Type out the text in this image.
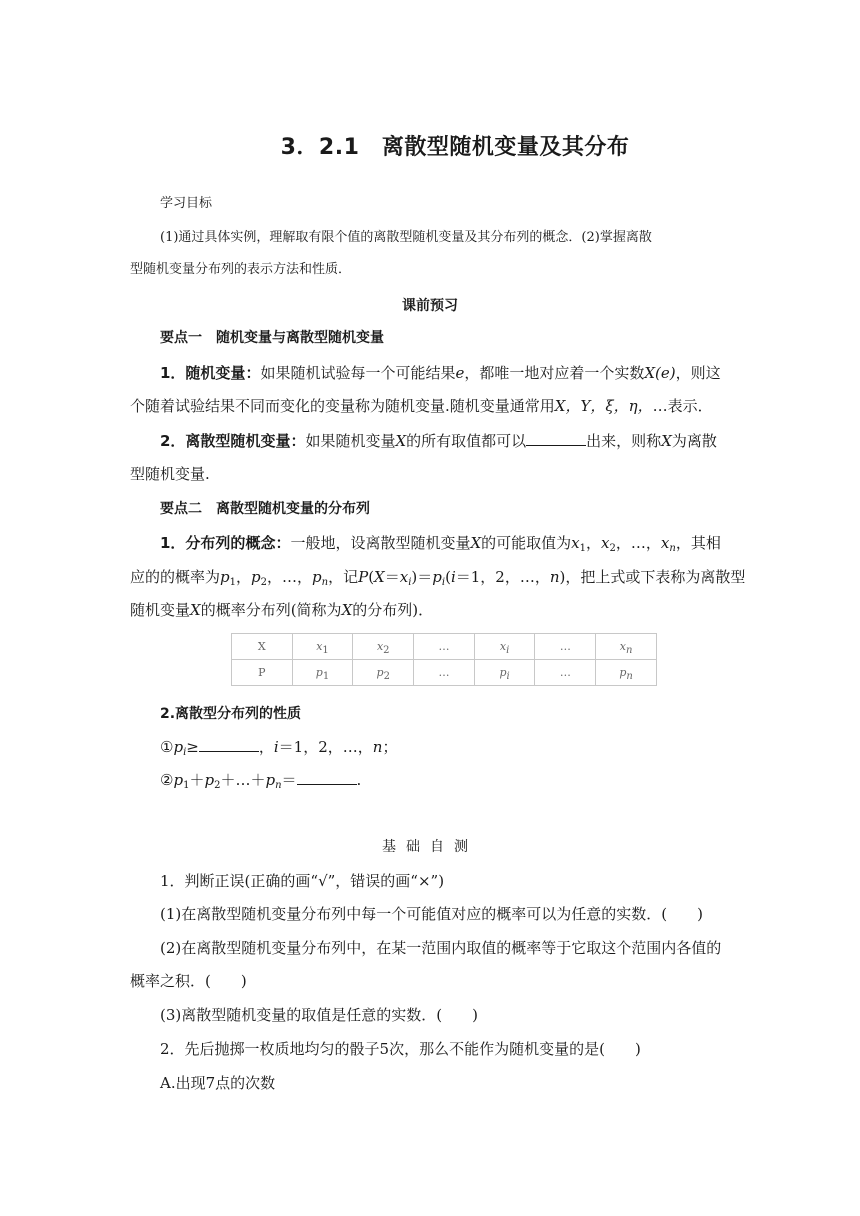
3．2.1　离散型随机变量及其分布
学习目标
(1)通过具体实例，理解取有限个值的离散型随机变量及其分布列的概念．(2)掌握离散
型随机变量分布列的表示方法和性质．
课前预习
要点一　随机变量与离散型随机变量
1．随机变量：如果随机试验每一个可能结果e，都唯一地对应着一个实数X(e)，则这
个随着试验结果不同而变化的变量称为随机变量.随机变量通常用X，Y，ξ，η，…表示．
2．离散型随机变量：如果随机变量X的所有取值都可以	出来，则称X为离散
型随机变量.
要点二　离散型随机变量的分布列
1．分布列的概念：一般地，设离散型随机变量X的可能取值为$x_1$，$x_2$，…，$x_n$，其相
应的的概率为$p_1$，$p_2$，…，$p_n$，记$P(X=x_i)=p_i(i=1$，2，…，n)，把上式或下表称为离散型
随机变量X的概率分布列(简称为X的分布列)．
X	$x_1$	$x_2$	…	$x_i$	…	$x_n$
P	$p_1$	$p_2$	…	$p_i$	…	$p_n$
2.离散型分布列的性质
$①p_i\ge$	，i＝1，2，…，n；
$②p_1+p_2+\dots+p_n=$	.
基础自测
1．判断正误(正确的画“√”，错误的画“×”)
(1)在离散型随机变量分布列中每一个可能值对应的概率可以为任意的实数．(　　)
(2)在离散型随机变量分布列中，在某一范围内取值的概率等于它取这个范围内各值的
概率之积．(　　)
(3)离散型随机变量的取值是任意的实数．(　　)
2．先后抛掷一枚质地均匀的骰子5次，那么不能作为随机变量的是(　　)
A.出现7点的次数
